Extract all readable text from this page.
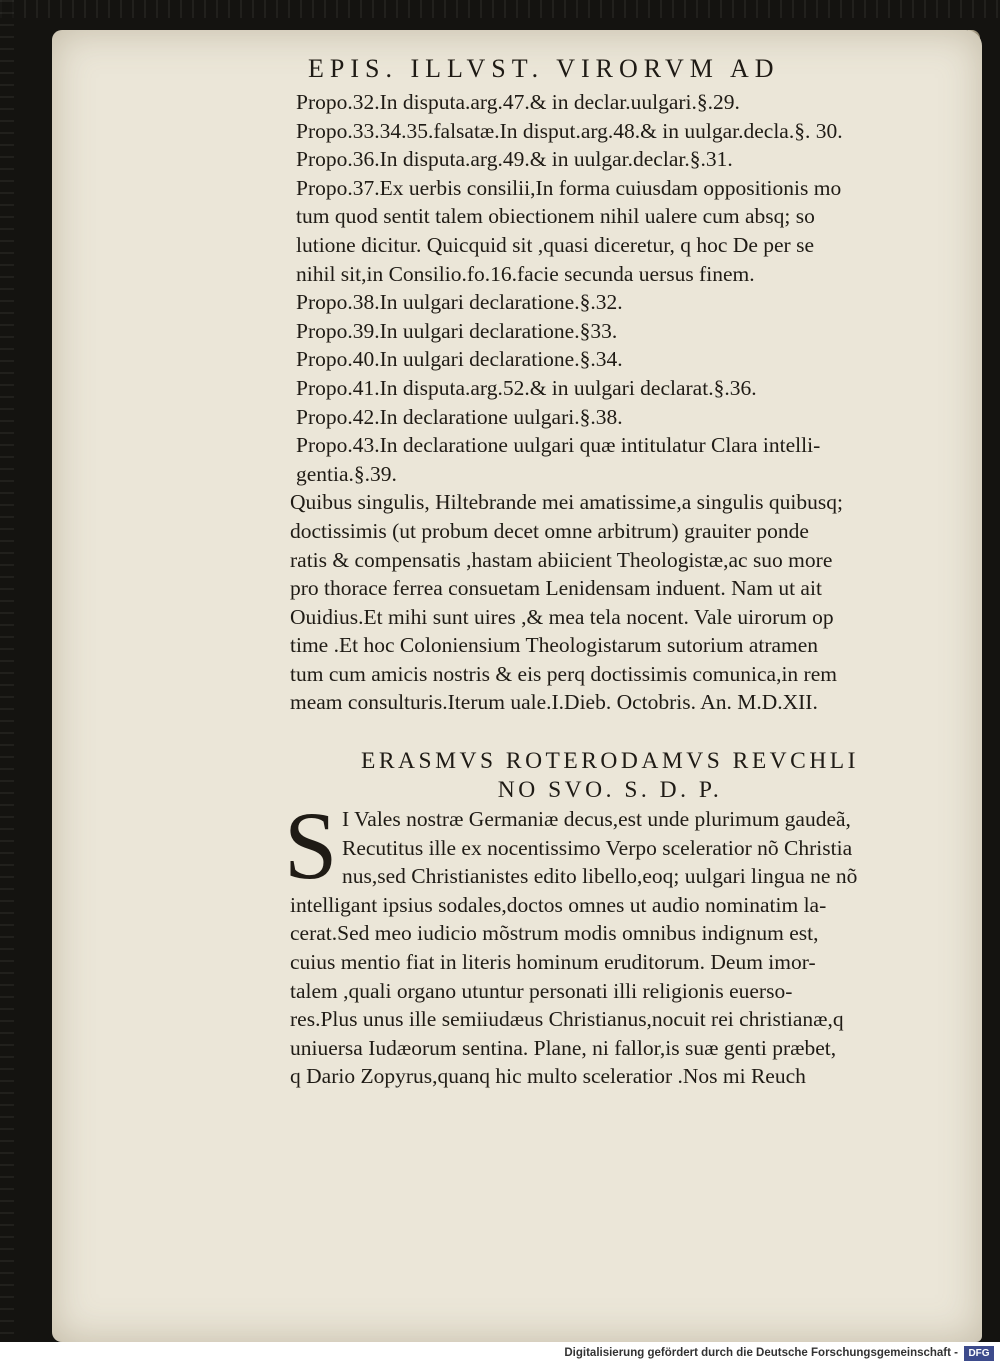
EPIS. ILLVST. VIRORVM AD
Propo.32.In disputa.arg.47.& in declar.uulgari.§.29.
Propo.33.34.35.falsatæ.In disput.arg.48.& in uulgar.decla.§. 30.
Propo.36.In disputa.arg.49.& in uulgar.declar.§.31.
Propo.37.Ex uerbis consilii,In forma cuiusdam oppositionis mo
tum quod sentit talem obiectionem nihil ualere cum absq; so
lutione dicitur. Quicquid sit ,quasi diceretur, q hoc De per se
nihil sit,in Consilio.fo.16.facie secunda uersus finem.
Propo.38.In uulgari declaratione.§.32.
Propo.39.In uulgari declaratione.§33.
Propo.40.In uulgari declaratione.§.34.
Propo.41.In disputa.arg.52.& in uulgari declarat.§.36.
Propo.42.In declaratione uulgari.§.38.
Propo.43.In declaratione uulgari quæ intitulatur Clara intelli-
gentia.§.39.
Quibus singulis, Hiltebrande mei amatissime,a singulis quibusq;
doctissimis (ut probum decet omne arbitrum) grauiter ponde
ratis & compensatis ,hastam abiicient Theologistæ,ac suo more
pro thorace ferrea consuetam Lenidensam induent. Nam ut ait
Ouidius.Et mihi sunt uires ,& mea tela nocent. Vale uirorum op
time .Et hoc Coloniensium Theologistarum sutorium atramen
tum cum amicis nostris & eis perq doctissimis comunica,in rem
meam consulturis.Iterum uale.I.Dieb. Octobris. An. M.D.XII.
ERASMVS ROTERODAMVS REVCHLI
NO SVO. S. D. P.
S I Vales nostræ Germaniæ decus,est unde plurimum gaudeã,
Recutitus ille ex nocentissimo Verpo sceleratior nõ Christia
nus,sed Christianistes edito libello,eoq; uulgari lingua ne nõ
intelligant ipsius sodales,doctos omnes ut audio nominatim la-
cerat.Sed meo iudicio mõstrum modis omnibus indignum est,
cuius mentio fiat in literis hominum eruditorum. Deum imor-
talem ,quali organo utuntur personati illi religionis euerso-
res.Plus unus ille semiiudæus Christianus,nocuit rei christianæ,q
uniuersa Iudæorum sentina. Plane, ni fallor,is suæ genti præbet,
q Dario Zopyrus,quanq hic multo sceleratior .Nos mi Reuch
Digitalisierung gefördert durch die Deutsche Forschungsgemeinschaft -	DFG
